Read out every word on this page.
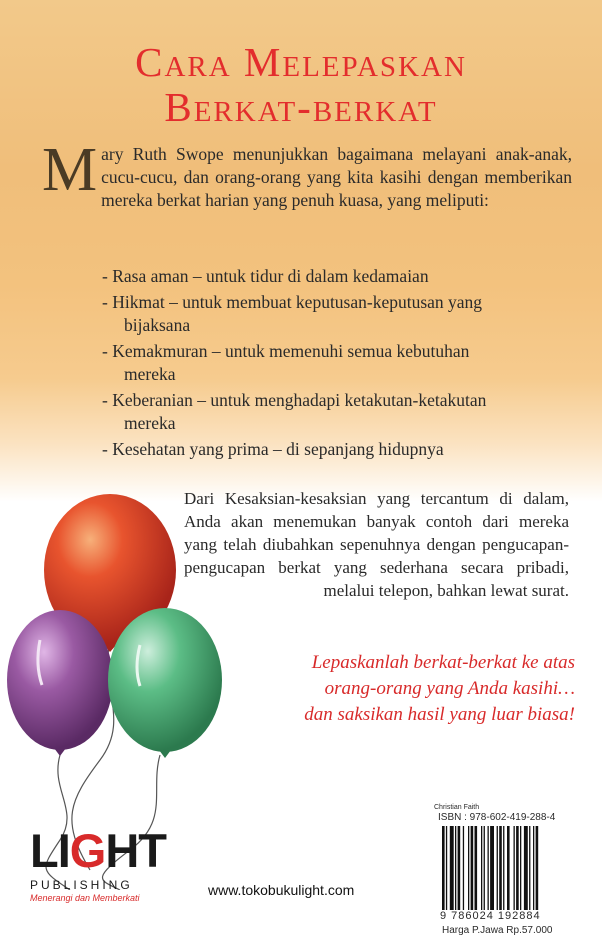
Cara Melepaskan
Berkat-berkat
M ary Ruth Swope menunjukkan bagaimana melayani anak-anak, cucu-cucu, dan orang-orang yang kita kasihi dengan memberikan mereka berkat harian yang penuh kuasa, yang meliputi:

- Rasa aman – untuk tidur di dalam kedamaian
- Hikmat – untuk membuat keputusan-keputusan yang
bijaksana
- Kemakmuran – untuk memenuhi semua kebutuhan
mereka
- Keberanian – untuk menghadapi ketakutan-ketakutan
mereka
- Kesehatan yang prima – di sepanjang hidupnya
Dari Kesaksian-kesaksian yang tercantum di dalam, Anda akan menemukan banyak contoh dari mereka yang telah diubahkan sepenuhnya dengan pengucapan-pengucapan berkat yang sederhana secara pribadi, melalui telepon, bahkan lewat surat.
Lepaskanlah berkat-berkat ke atas
orang-orang yang Anda kasihi…
dan saksikan hasil yang luar biasa!
LIGHT
PUBLISHING
Menerangi dan Memberkati	www.tokobukulight.com
Christian Faith
ISBN : 978-602-419-288-4
9 786024 192884
Harga P.Jawa Rp.57.000
